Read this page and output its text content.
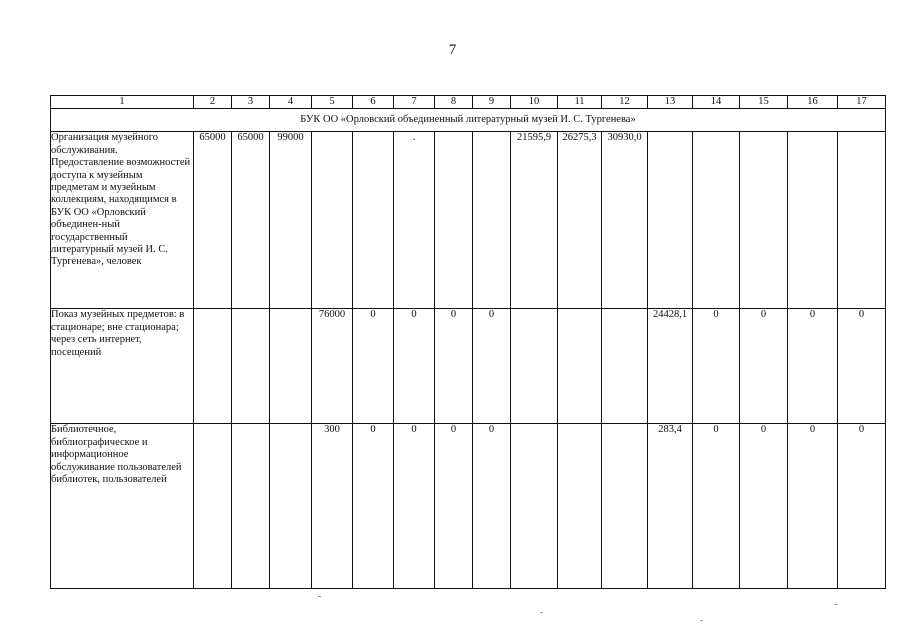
7
1	2	3	4	5	6	7	8	9	10	11	12	13	14	15	16	17
БУК ОО «Орловский объединенный литературный музей И. С. Тургенева»																
Организация музейного обслуживания. Предоставление возможностей доступа к музейным предметам и музейным коллекциям, находящимся в БУК ОО «Орловский объединен-ный государственный литературный музей И. С. Тургенева», человек	65000	65000	99000			.			21595,9	26275,3	30930,0					
Показ музейных предметов: в стационаре; вне стационара; через сеть интернет, посещений				76000	0	0	0	0				24428,1	0	0	0	0
Библиотечное, библиографическое и информационное обслуживание пользователей библиотек, пользователей				300	0	0	0	0				283,4	0	0	0	0
